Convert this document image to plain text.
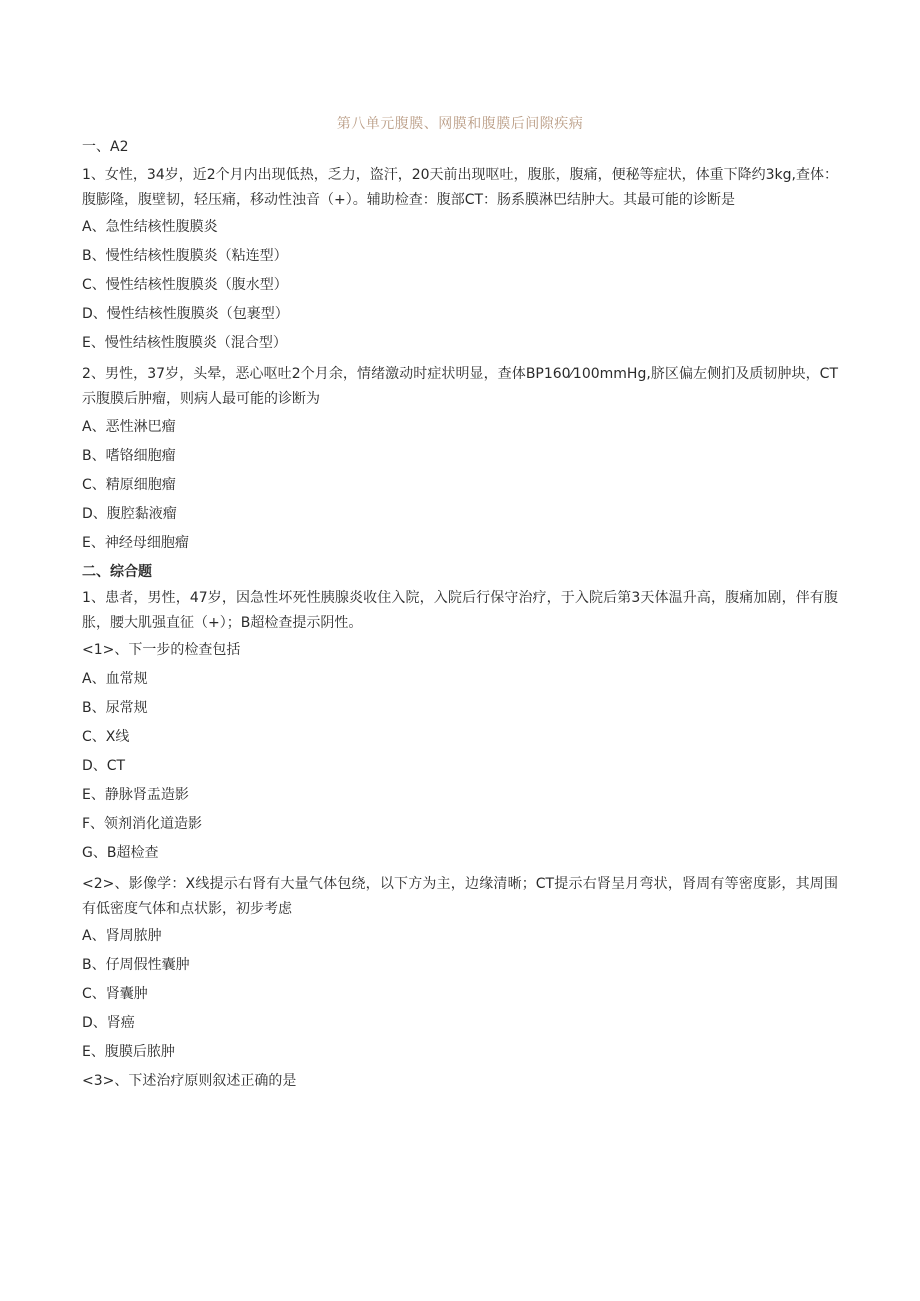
第八单元腹膜、网膜和腹膜后间隙疾病

一、A2

1、女性，34岁，近2个月内出现低热，乏力，盗汗，20天前出现呕吐，腹胀，腹痛，便秘等症状，体重下降约3kg,查体：腹膨隆，腹壁韧，轻压痛，移动性浊音（+）。辅助检查：腹部CT：肠系膜淋巴结肿大。其最可能的诊断是

A、急性结核性腹膜炎

B、慢性结核性腹膜炎（粘连型）

C、慢性结核性腹膜炎（腹水型）

D、慢性结核性腹膜炎（包裹型）

E、慢性结核性腹膜炎（混合型）

2、男性，37岁，头晕，恶心呕吐2个月余，情绪激动时症状明显，查体BP160⁄100mmHg,脐区偏左侧扪及质韧肿块，CT示腹膜后肿瘤，则病人最可能的诊断为

A、恶性淋巴瘤

B、嗜铬细胞瘤

C、精原细胞瘤

D、腹腔黏液瘤

E、神经母细胞瘤

二、综合题

1、患者，男性，47岁，因急性坏死性胰腺炎收住入院，入院后行保守治疗，于入院后第3天体温升高，腹痛加剧，伴有腹胀，腰大肌强直征（+）；B超检查提示阴性。

<1>、下一步的检查包括

A、血常规

B、尿常规

C、X线

D、CT

E、静脉肾盂造影

F、领剂消化道造影

G、B超检查

<2>、影像学：X线提示右肾有大量气体包绕，以下方为主，边缘清晰；CT提示右肾呈月弯状，肾周有等密度影，其周围有低密度气体和点状影，初步考虑

A、肾周脓肿

B、仔周假性囊肿

C、肾囊肿

D、肾癌

E、腹膜后脓肿

<3>、下述治疗原则叙述正确的是
